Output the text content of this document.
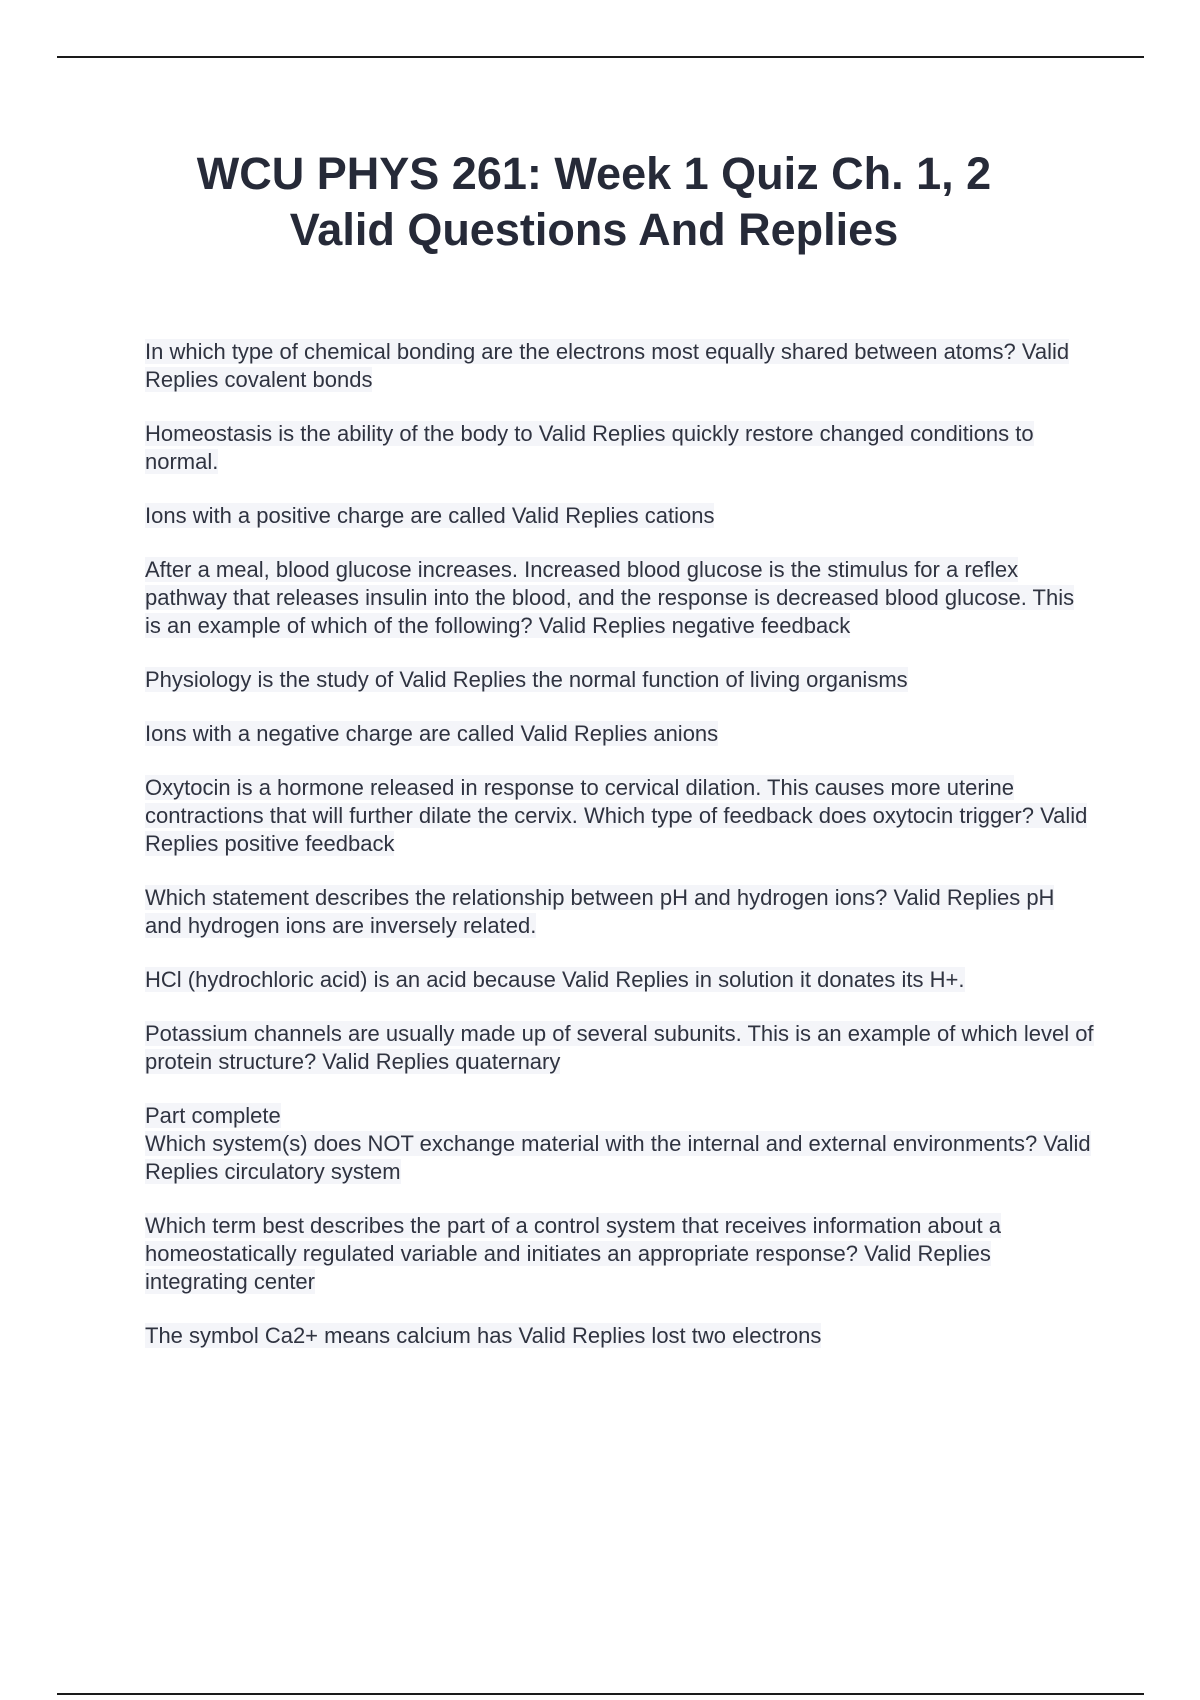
WCU PHYS 261: Week 1 Quiz Ch. 1, 2
Valid Questions And Replies

In which type of chemical bonding are the electrons most equally shared between atoms? Valid Replies covalent bonds

Homeostasis is the ability of the body to Valid Replies quickly restore changed conditions to normal.

Ions with a positive charge are called Valid Replies cations

After a meal, blood glucose increases. Increased blood glucose is the stimulus for a reflex pathway that releases insulin into the blood, and the response is decreased blood glucose. This is an example of which of the following? Valid Replies negative feedback

Physiology is the study of Valid Replies the normal function of living organisms

Ions with a negative charge are called Valid Replies anions

Oxytocin is a hormone released in response to cervical dilation. This causes more uterine contractions that will further dilate the cervix. Which type of feedback does oxytocin trigger? Valid Replies positive feedback

Which statement describes the relationship between pH and hydrogen ions? Valid Replies pH and hydrogen ions are inversely related.

HCl (hydrochloric acid) is an acid because Valid Replies in solution it donates its H+.

Potassium channels are usually made up of several subunits. This is an example of which level of protein structure? Valid Replies quaternary

Part complete
Which system(s) does NOT exchange material with the internal and external environments? Valid Replies circulatory system

Which term best describes the part of a control system that receives information about a homeostatically regulated variable and initiates an appropriate response? Valid Replies integrating center

The symbol Ca2+ means calcium has Valid Replies lost two electrons
